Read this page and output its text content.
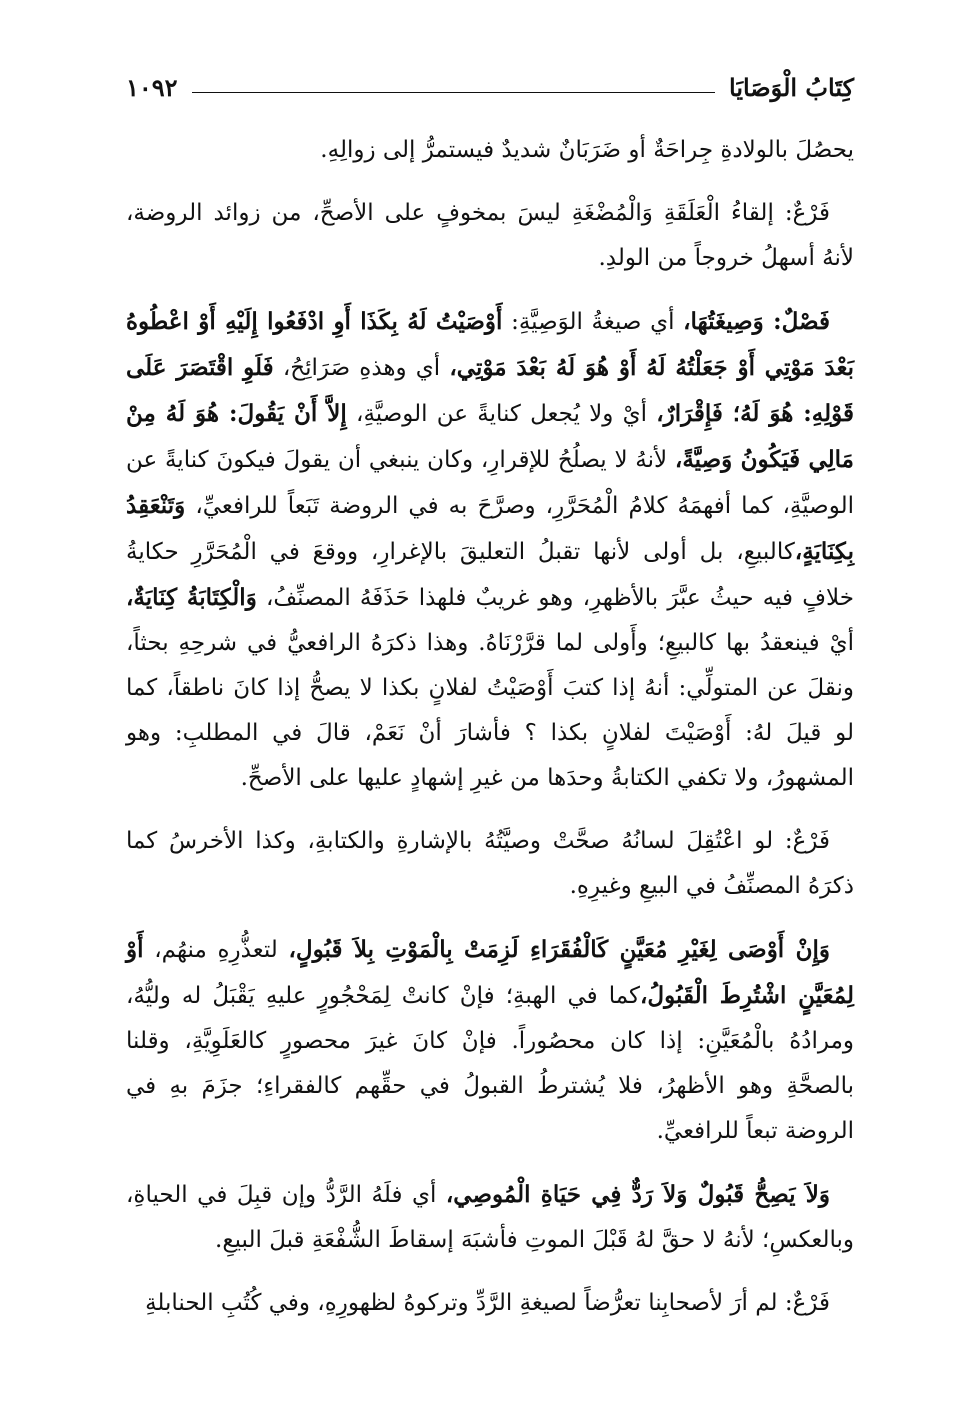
كِتَابُ الْوَصَايَا
١٠٩٢

يحصُلَ بالولادةِ جِراحَةٌ أو ضَرَبَانٌ شديدٌ فيستمرُّ إلى زوالِهِ.

فَرْعٌ: إلقاءُ الْعَلَقَةِ وَالْمُضْغَةِ ليسَ بمخوفٍ على الأصحِّ، من زوائد الروضة، لأنهُ أسهلُ خروجاً من الولدِ.

فَصْلٌ: وَصِيغَتُهَا، أي صيغةُ الوَصِيَّةِ: أَوْصَيْتُ لَهُ بِكَذَا أَوِ ادْفَعُوا إِلَيْهِ أَوْ اعْطُوهُ بَعْدَ مَوْتِي أَوْ جَعَلْتُهُ لَهُ أَوْ هُوَ لَهُ بَعْدَ مَوْتِي، أي وهذهِ صَرَائِحُ، فَلَوِ اقْتَصَرَ عَلَى قَوْلِهِ: هُوَ لَهُ؛ فَإِقْرَارٌ، أيْ ولا يُجعل كنايةً عن الوصيَّةِ، إِلاَّ أَنْ يَقُولَ: هُوَ لَهُ مِنْ مَالِي فَيَكُونُ وَصِيَّةً، لأنهُ لا يصلُحُ للإقرارِ، وكان ينبغي أن يقولَ فيكونَ كنايةً عن الوصيَّةِ، كما أفهمَهُ كلامُ الْمُحَرَّرِ، وصرَّحَ به في الروضة تَبَعاً للرافعيِّ، وَتَنْعَقِدُ بِكِنَايَةٍ،كالبيعِ، بل أولى لأنها تقبلُ التعليقَ بالإغرارِ، ووقعَ في الْمُحَرَّرِ حكايةُ خلافٍ فيه حيثُ عبَّرَ بالأظهرِ، وهو غريبٌ فلهذا حَذَفَهُ المصنِّفُ، وَالْكِتَابَةُ كِنَايَةٌ، أيْ فينعقدُ بها كالبيعِ؛ وأَولى لما قرَّرْنَاهُ. وهذا ذكرَهُ الرافعيُّ في شرحِهِ بحثاً، ونقلَ عن المتولِّي: أنهُ إذا كتبَ أَوْصَيْتُ لفلانٍ بكذا لا يصحُّ إذا كانَ ناطقاً، كما لو قيلَ لهُ: أَوْصَيْتَ لفلانٍ بكذا ؟ فأشارَ أنْ نَعَمْ، قالَ في المطلبِ: وهو المشهورُ، ولا تكفي الكتابةُ وحدَها من غيرِ إشهادٍ عليها على الأصحِّ.

فَرْعٌ: لو اعْتُقِلَ لسانُهُ صحَّتْ وصيَّتُهُ بالإشارةِ والكتابةِ، وكذا الأخرسُ كما ذكرَهُ المصنِّفُ في البيعِ وغيرِهِ.

وَإِنْ أَوْصَى لِغَيْرِ مُعَيَّنٍ كَالْفُقَرَاءِ لَزِمَتْ بِالْمَوْتِ بِلاَ قَبُولٍ، لتعذُّرِهِ منهُم، أَوْ لِمُعَيَّنٍ اشْتُرِطَ الْقَبُولُ،كما في الهبةِ؛ فإنْ كانتْ لِمَحْجُورٍ عليهِ يَقْبَلُ له وليُّهُ، ومرادُهُ بالْمُعَيَّنِ: إذا كان محصُوراً. فإنْ كانَ غيرَ محصورٍ كالعَلَوِيَّةِ، وقلنا بالصحَّةِ وهو الأظهرُ، فلا يُشترطُ القبولُ في حقِّهم كالفقراءِ؛ جزَمَ بهِ في الروضة تبعاً للرافعيِّ.

وَلاَ يَصِحُّ قَبُولٌ وَلاَ رَدٌّ فِي حَيَاةِ الْمُوصِي، أي فلَهُ الرَّدُّ وإن قبِلَ في الحياةِ، وبالعكسِ؛ لأنهُ لا حقَّ لهُ قَبْلَ الموتِ فأشبَهَ إسقاطَ الشُّفْعَةِ قبلَ البيعِ.

فَرْعٌ: لم أرَ لأصحابِنا تعرُّضاً لصيغةِ الرَّدِّ وتركوهُ لظهورِهِ، وفي كُتُبِ الحنابلةِ
